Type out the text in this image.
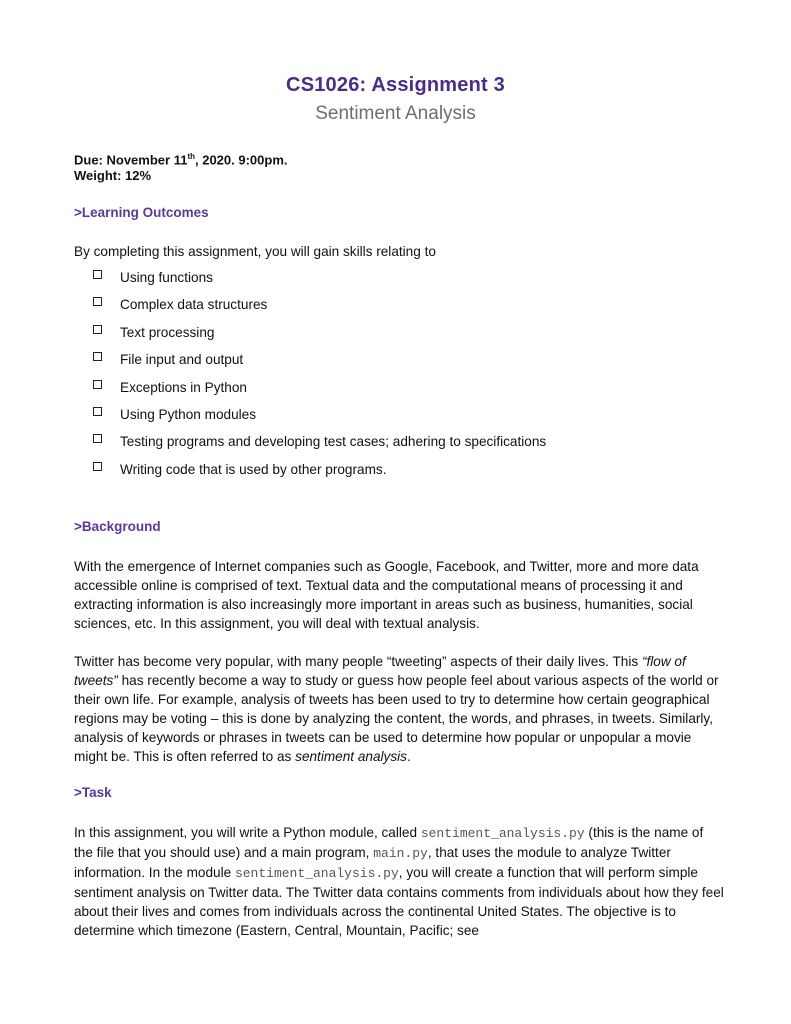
CS1026: Assignment 3
Sentiment Analysis
Due: November 11th, 2020. 9:00pm.
Weight: 12%
>Learning Outcomes
By completing this assignment, you will gain skills relating to
Using functions
Complex data structures
Text processing
File input and output
Exceptions in Python
Using Python modules
Testing programs and developing test cases; adhering to specifications
Writing code that is used by other programs.
>Background
With the emergence of Internet companies such as Google, Facebook, and Twitter, more and more data accessible online is comprised of text. Textual data and the computational means of processing it and extracting information is also increasingly more important in areas such as business, humanities, social sciences, etc. In this assignment, you will deal with textual analysis.
Twitter has become very popular, with many people “tweeting” aspects of their daily lives. This “flow of tweets” has recently become a way to study or guess how people feel about various aspects of the world or their own life. For example, analysis of tweets has been used to try to determine how certain geographical regions may be voting – this is done by analyzing the content, the words, and phrases, in tweets. Similarly, analysis of keywords or phrases in tweets can be used to determine how popular or unpopular a movie might be. This is often referred to as sentiment analysis.
>Task
In this assignment, you will write a Python module, called sentiment_analysis.py (this is the name of the file that you should use) and a main program, main.py, that uses the module to analyze Twitter information. In the module sentiment_analysis.py, you will create a function that will perform simple sentiment analysis on Twitter data. The Twitter data contains comments from individuals about how they feel about their lives and comes from individuals across the continental United States. The objective is to determine which timezone (Eastern, Central, Mountain, Pacific; see
